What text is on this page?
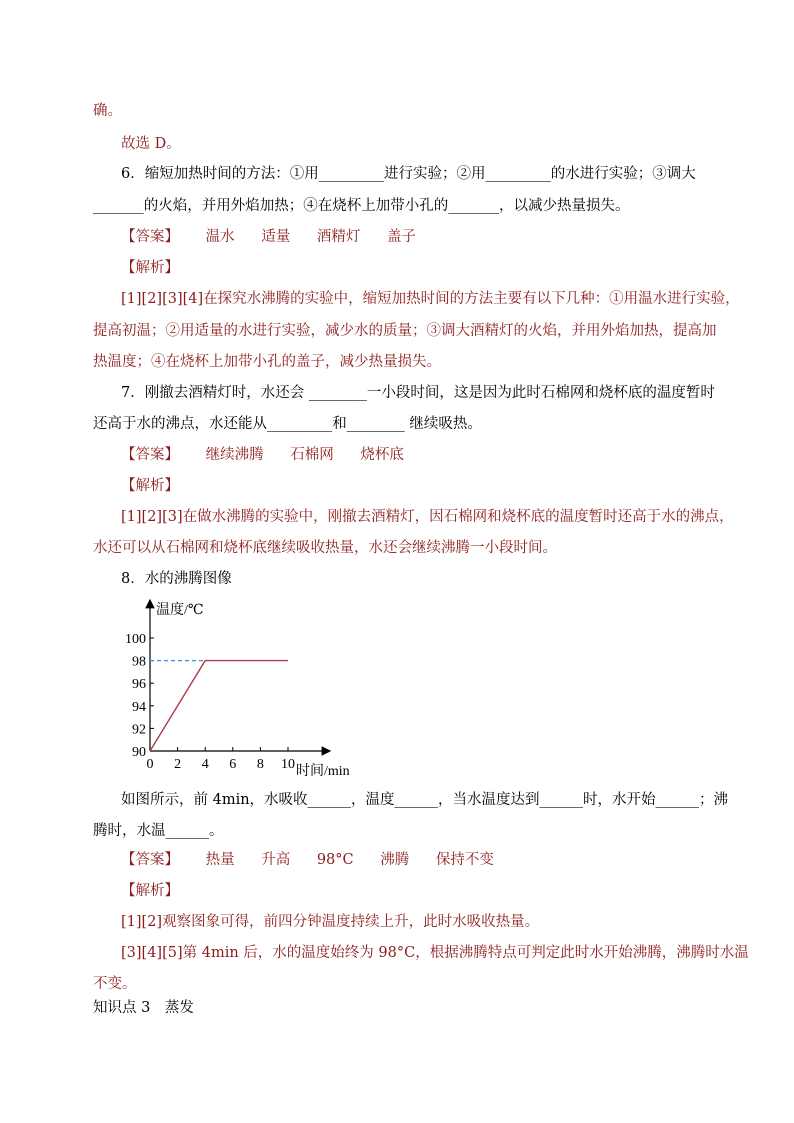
确。
故选 D。
6．缩短加热时间的方法：①用_________进行实验；②用_________的水进行实验；③调大
_______的火焰，并用外焰加热；④在烧杯上加带小孔的_______，以减少热量损失。
【答案】 温水 适量 酒精灯 盖子
【解析】
[1][2][3][4]在探究水沸腾的实验中，缩短加热时间的方法主要有以下几种：①用温水进行实验，
提高初温；②用适量的水进行实验，减少水的质量；③调大酒精灯的火焰，并用外焰加热，提高加
热温度；④在烧杯上加带小孔的盖子，减少热量损失。
7．刚撤去酒精灯时，水还会 ________一小段时间，这是因为此时石棉网和烧杯底的温度暂时
还高于水的沸点，水还能从_________和________ 继续吸热。
【答案】 继续沸腾 石棉网 烧杯底
【解析】
[1][2][3]在做水沸腾的实验中，刚撤去酒精灯，因石棉网和烧杯底的温度暂时还高于水的沸点，
水还可以从石棉网和烧杯底继续吸收热量，水还会继续沸腾一小段时间。
8．水的沸腾图像
温度/℃
时间/min
90
92
94
96
98
100
0 2 4 6 8 10
如图所示，前 4min，水吸收______，温度______，当水温度达到______时，水开始______；沸
腾时，水温______。
【答案】 热量 升高 98°C 沸腾 保持不变
【解析】
[1][2]观察图象可得，前四分钟温度持续上升，此时水吸收热量。
[3][4][5]第 4min 后，水的温度始终为 98°C，根据沸腾特点可判定此时水开始沸腾，沸腾时水温
不变。
知识点 3　蒸发
